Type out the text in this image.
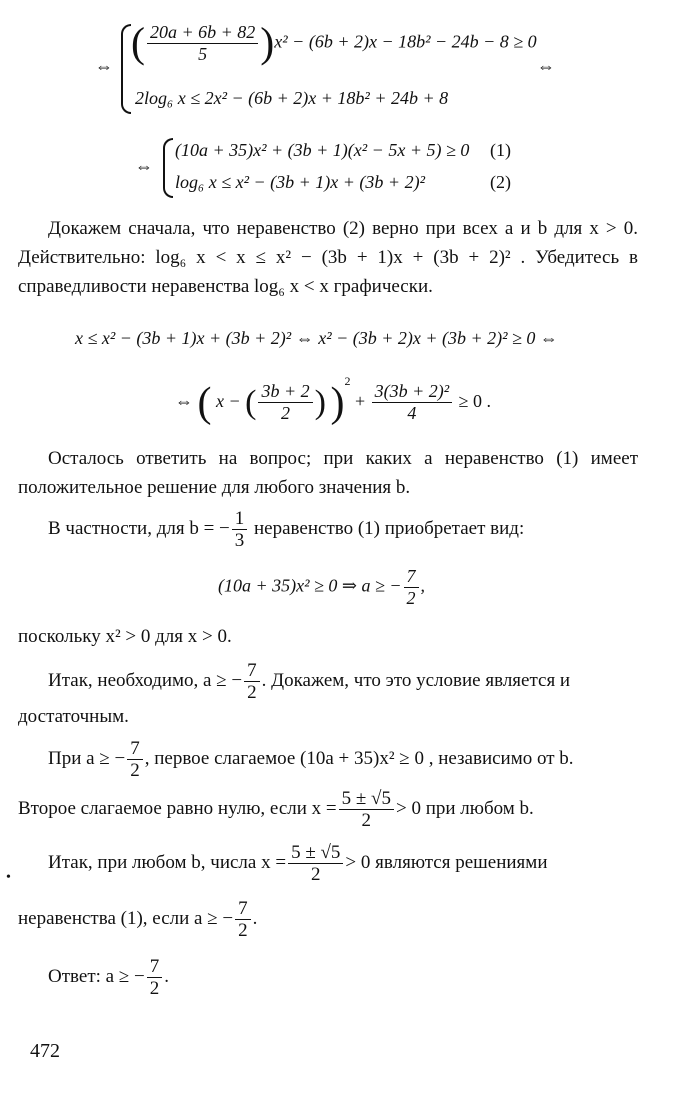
⇔ ( $\frac{20a + 6b + 82}{5} )x^2 - (6b + 2)x - 18b^2 - 24b - 8 \ge 0$
2log₆ x ≤ 2x² − (6b + 2)x + 18b² + 24b + 8
⇔
⇔
(10a + 35)x² + (3b + 1)(x² − 5x + 5) ≥ 0 (1)
log₆ x ≤ x² − (3b + 1)x + (3b + 2)²	(2)
Докажем сначала, что неравенство (2) верно при всех a и b для x > 0. Действительно: log₆ x < x ≤ x² − (3b + 1)x + (3b + 2)² . Убедитесь в справедливости неравенства log₆ x < x графически.
x ≤ x² − (3b + 1)x + (3b + 2)² ⇔ x² − (3b + 2)x + (3b + 2)² ≥ 0 ⇔
⇔ ( x − ( $\frac{3b + 2}{2}$ ) )$^2 + \frac{\text{3(3b + 2)²}}{4} \ge 0$ .
Осталось ответить на вопрос; при каких a неравенство (1) имеет положительное решение для любого значения b.
В частности, для b = − $\frac{1}{3}$ неравенство (1) приобретает вид:
(10a + 35)x² ≥ 0 ⇒ a ≥ − $\frac{7}{2}$ ,
поскольку x² > 0 для x > 0.
Итак, необходимо, a ≥ − $\frac{7}{2}$ . Докажем, что это условие является и
достаточным.
При a ≥ − $\frac{7}{2}$ , первое слагаемое (10a + 35)x² ≥ 0 , независимо от b.
Второе слагаемое равно нулю, если $x = \frac{5 \pm √5}{2} > 0$ при любом b.
Итак, при любом b, числа $x = \frac{5 \pm √5}{2} > 0$ являются решениями
неравенства (1), если a ≥ − $\frac{7}{2}$ .
Ответ: a ≥ − $\frac{7}{2}$ .
472
•
